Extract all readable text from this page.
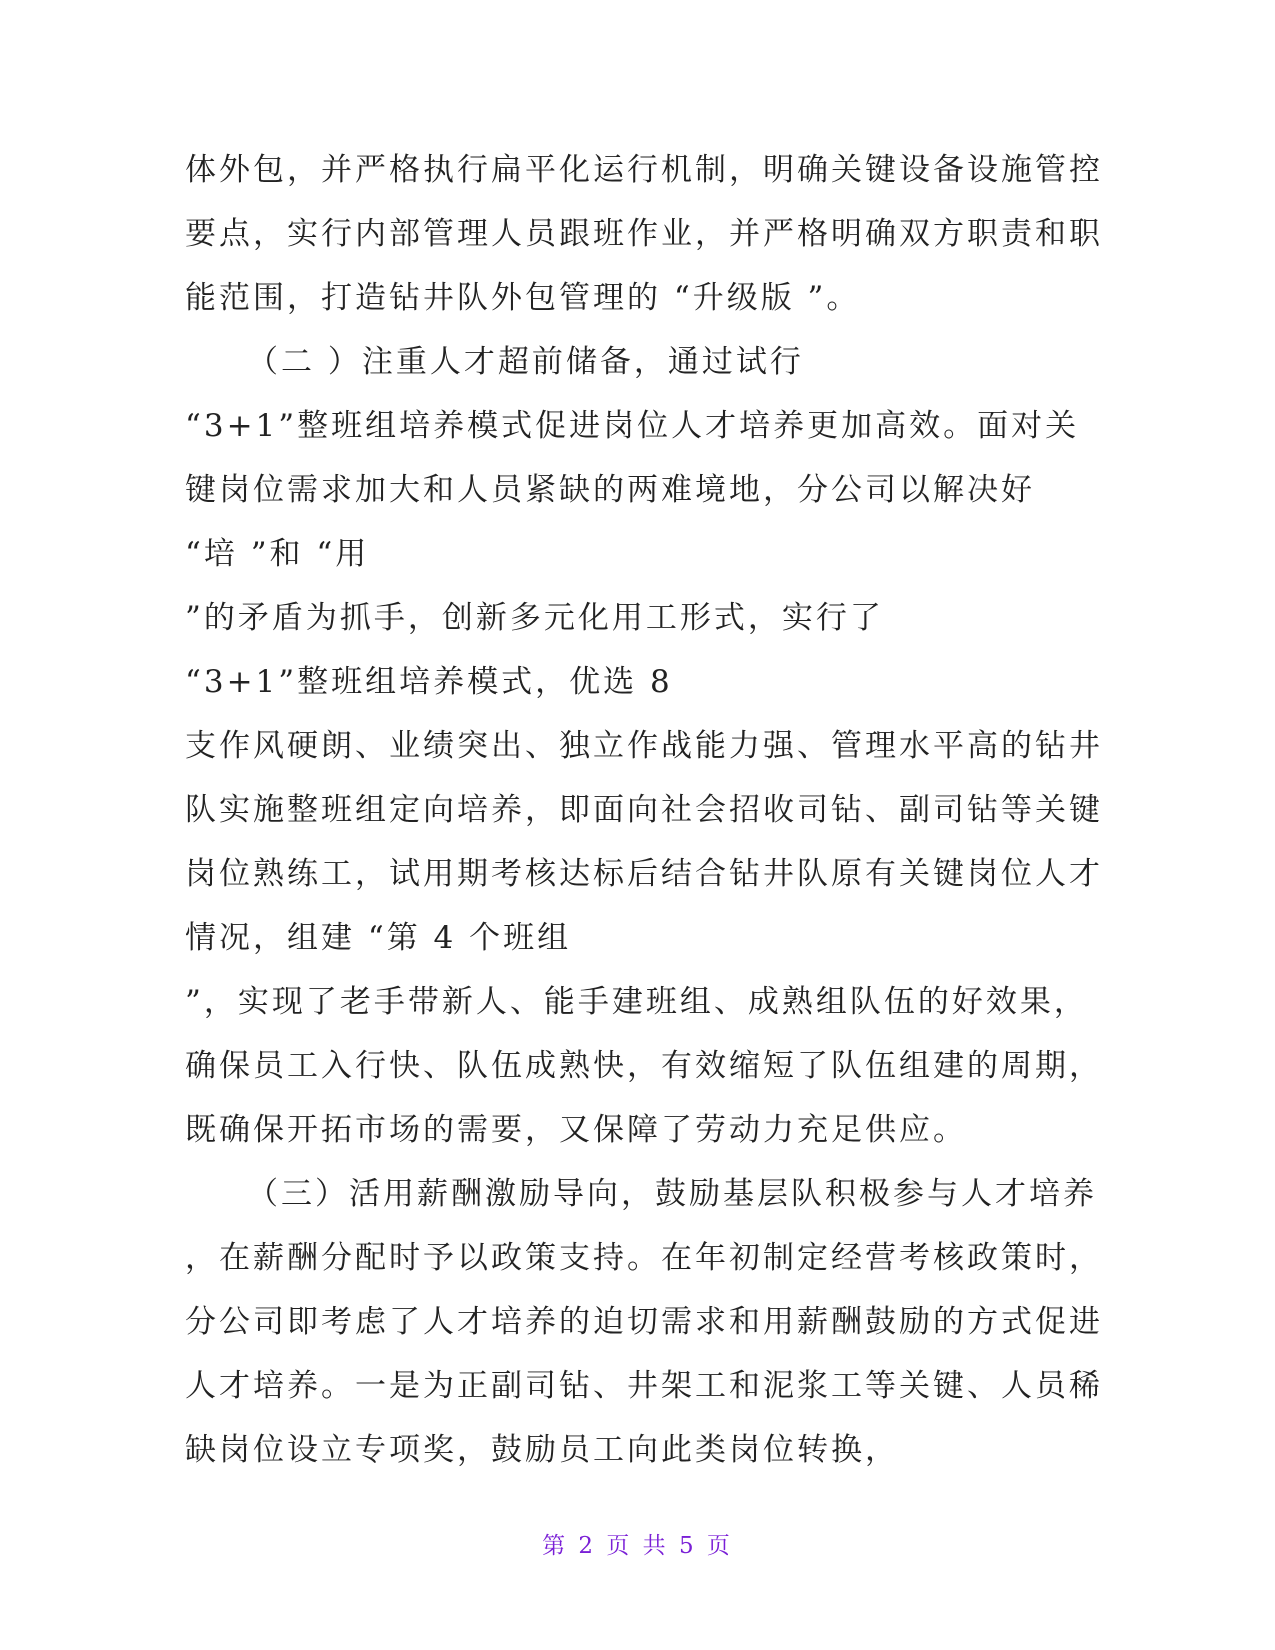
体外包，并严格执行扁平化运行机制，明确关键设备设施管控
要点，实行内部管理人员跟班作业，并严格明确双方职责和职
能范围，打造钻井队外包管理的 “升级版 ”。
（二 ）注重人才超前储备，通过试行
“3+1”整班组培养模式促进岗位人才培养更加高效。面对关
键岗位需求加大和人员紧缺的两难境地，分公司以解决好
“培 ”和 “用
”的矛盾为抓手，创新多元化用工形式，实行了
“3+1”整班组培养模式，优选 8
支作风硬朗、业绩突出、独立作战能力强、管理水平高的钻井
队实施整班组定向培养，即面向社会招收司钻、副司钻等关键
岗位熟练工，试用期考核达标后结合钻井队原有关键岗位人才
情况，组建 “第 4 个班组
”，实现了老手带新人、能手建班组、成熟组队伍的好效果，
确保员工入行快、队伍成熟快，有效缩短了队伍组建的周期，
既确保开拓市场的需要，又保障了劳动力充足供应。
（三）活用薪酬激励导向，鼓励基层队积极参与人才培养
，在薪酬分配时予以政策支持。在年初制定经营考核政策时，
分公司即考虑了人才培养的迫切需求和用薪酬鼓励的方式促进
人才培养。一是为正副司钻、井架工和泥浆工等关键、人员稀
缺岗位设立专项奖，鼓励员工向此类岗位转换，
第 2 页 共 5 页
